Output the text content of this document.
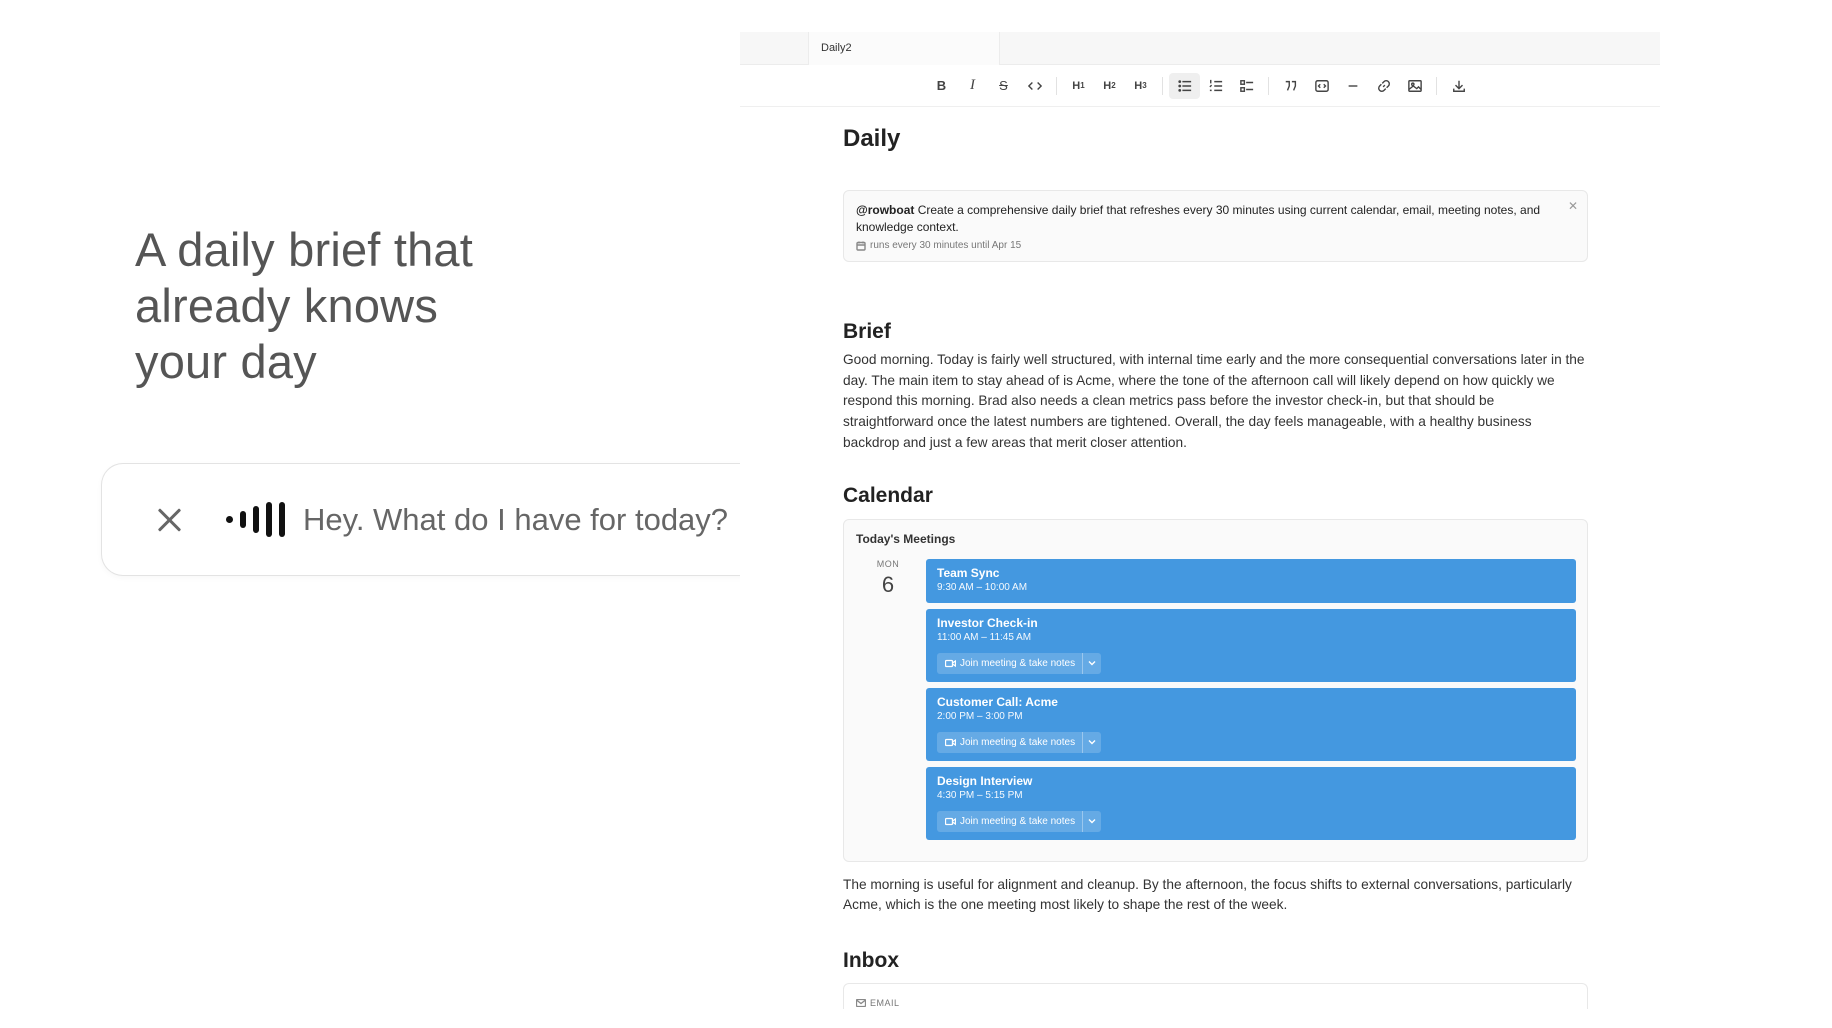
A daily brief that
already knows
your day
Hey. What do I have for today?
Daily2
B	I	S	H 1	H 2	H 3
Daily
@rowboat Create a comprehensive daily brief that refreshes every 30 minutes using current calendar, email, meeting notes, and knowledge context.
runs every 30 minutes until Apr 15
✕
Brief

Good morning. Today is fairly well structured, with internal time early and the more consequential conversations later in the day. The main item to stay ahead of is Acme, where the tone of the afternoon call will likely depend on how quickly we respond this morning. Brad also needs a clean metrics pass before the investor check-in, but that should be straightforward once the latest numbers are tightened. Overall, the day feels manageable, with a healthy business backdrop and just a few areas that merit closer attention.

Calendar
Today's Meetings
MON
6	Team Sync
9:30 AM – 10:00 AM
Investor Check-in
11:00 AM – 11:45 AM
Join meeting & take notes
Customer Call: Acme
2:00 PM – 3:00 PM
Join meeting & take notes
Design Interview
4:30 PM – 5:15 PM
Join meeting & take notes

The morning is useful for alignment and cleanup. By the afternoon, the focus shifts to external conversations, particularly Acme, which is the one meeting most likely to shape the rest of the week.

Inbox
EMAIL
